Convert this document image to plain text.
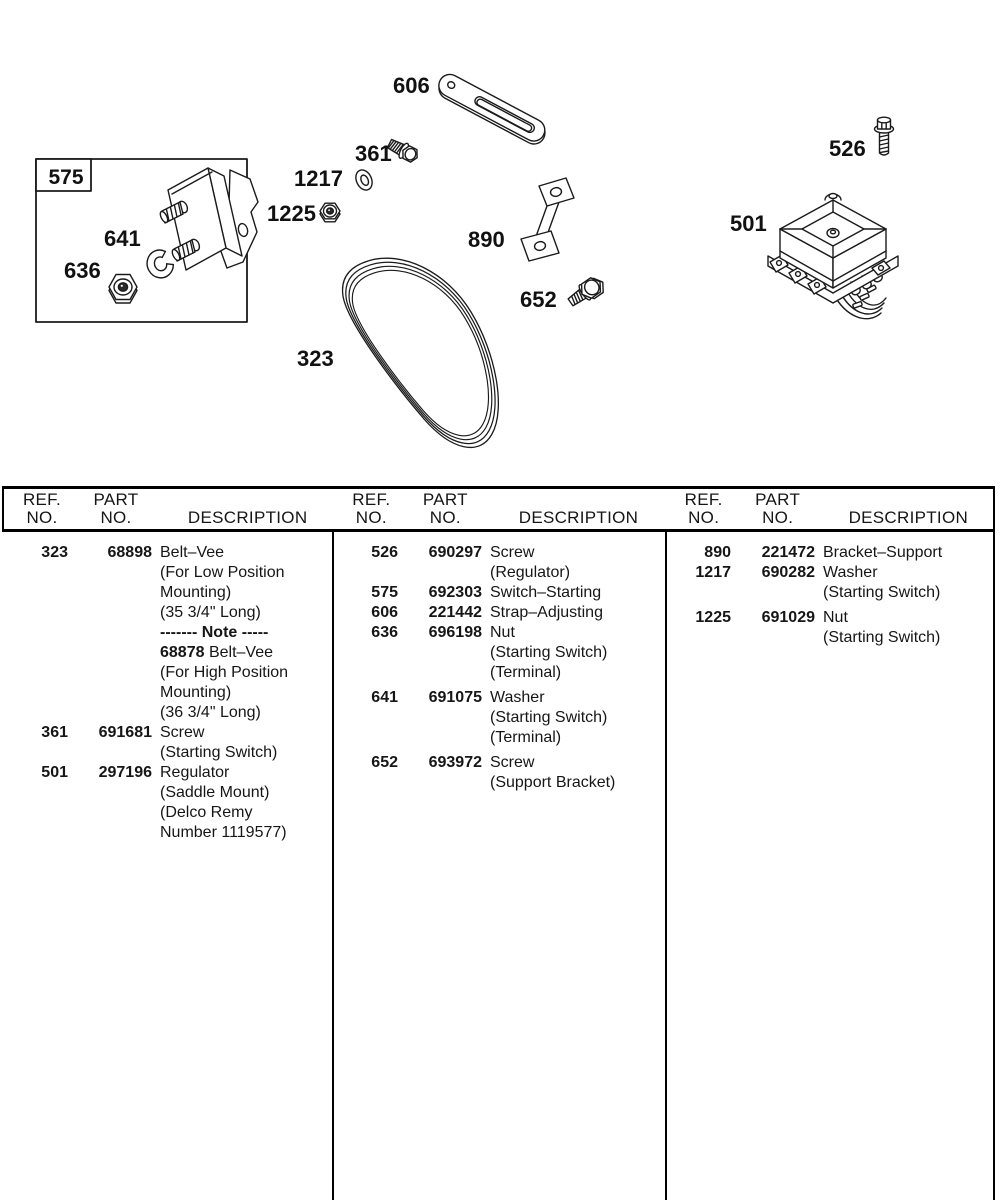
575
641
636
606
361
1217
1225
890
652
323
526
501
REF.
NO.
PART
NO.	DESCRIPTION
REF.
NO.
PART
NO.	DESCRIPTION
REF.
NO.
PART
NO.	DESCRIPTION
323	68898 Belt–Vee
(For Low Position
Mounting)
(35 3/4" Long)
------- Note -----
68878 Belt–Vee
(For High Position
Mounting)
(36 3/4" Long)
361	691681 Screw
(Starting Switch)
501	297196 Regulator
(Saddle Mount)
(Delco Remy
Number 1119577)
526	690297 Screw
(Regulator)
575	692303 Switch–Starting
606	221442 Strap–Adjusting
636	696198 Nut
(Starting Switch)
(Terminal)
641	691075 Washer
(Starting Switch)
(Terminal)
652	693972 Screw
(Support Bracket)
890	221472 Bracket–Support
1217	690282 Washer
(Starting Switch)
1225	691029 Nut
(Starting Switch)
